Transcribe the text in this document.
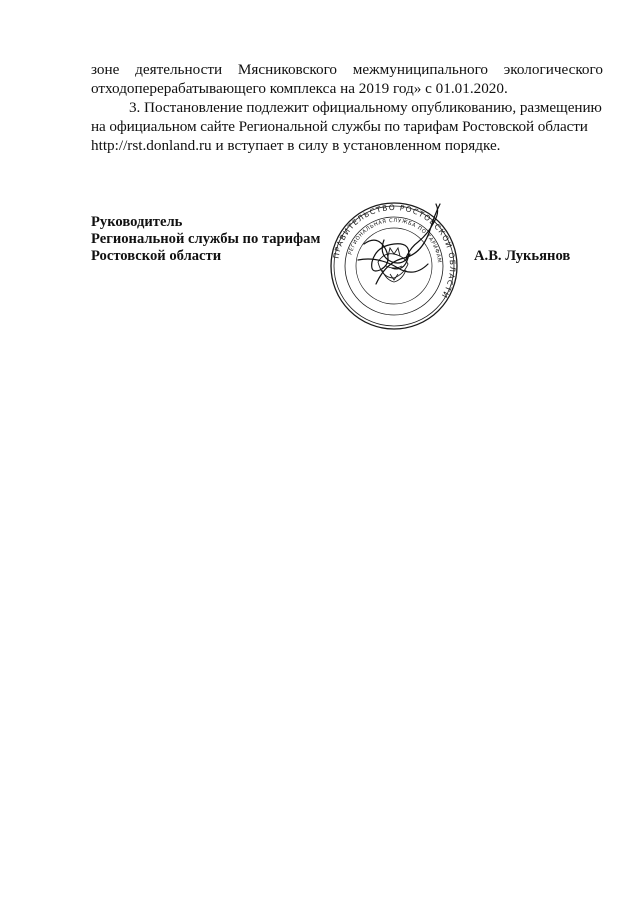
зоне деятельности Мясниковского межмуниципального экологического
отходоперерабатывающего комплекса на 2019 год» с 01.01.2020.
3. Постановление подлежит официальному опубликованию, размещению
на официальном сайте Региональной службы по тарифам Ростовской области
http://rst.donland.ru и вступает в силу в установленном порядке.
Руководитель
Региональной службы по тарифам
Ростовской области	А.В. Лукьянов
ПРАВИТЕЛЬСТВО РОСТОВСКОЙ ОБЛАСТИ
РЕГИОНАЛЬНАЯ СЛУЖБА ПО ТАРИФАМ
